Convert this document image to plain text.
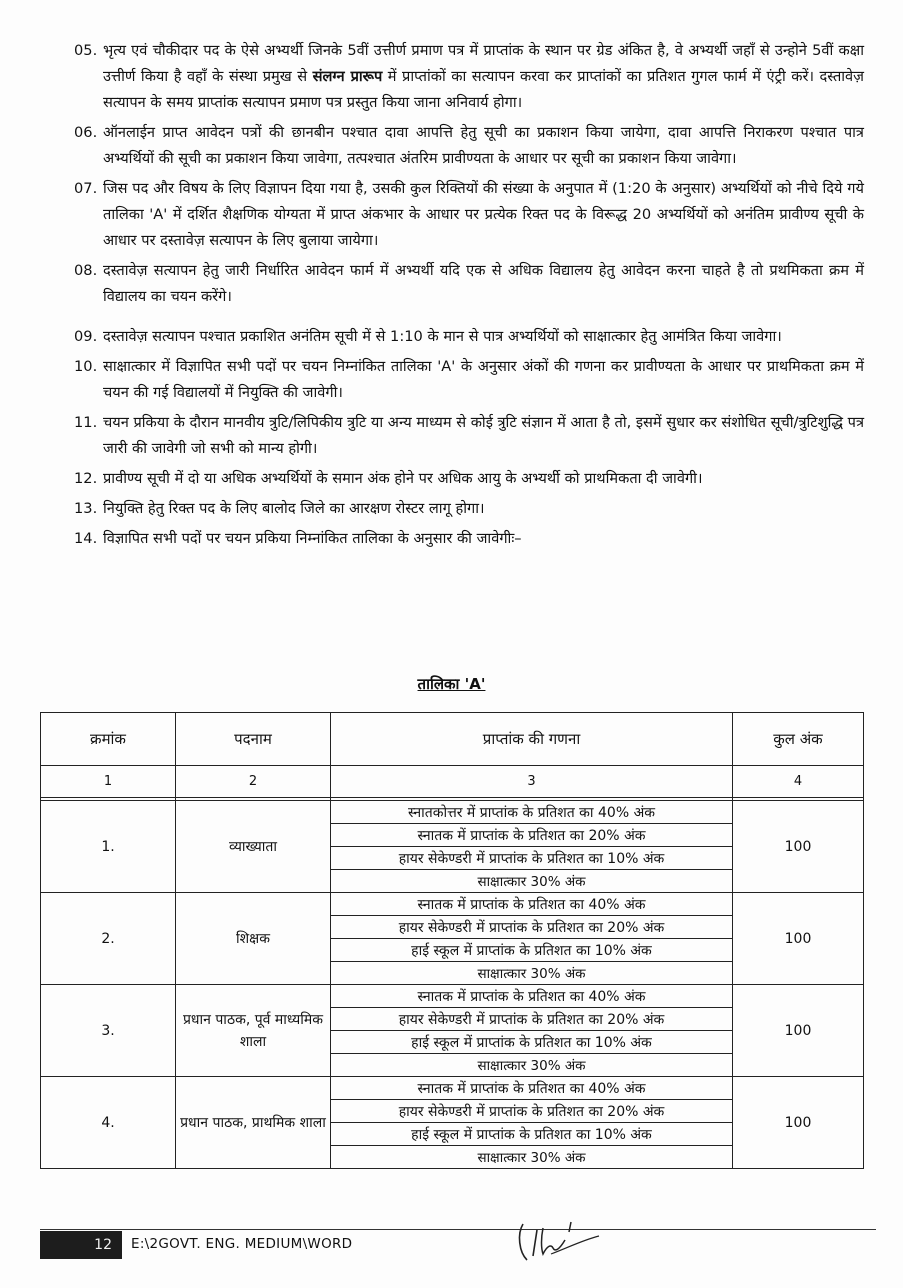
05. भृत्य एवं चौकीदार पद के ऐसे अभ्यर्थी जिनके 5वीं उत्तीर्ण प्रमाण पत्र में प्राप्तांक के स्थान पर ग्रेड अंकित है, वे अभ्यर्थी जहाँ से उन्होने 5वीं कक्षा उत्तीर्ण किया है वहाँ के संस्था प्रमुख से संलग्न प्रारूप में प्राप्तांकों का सत्यापन करवा कर प्राप्तांकों का प्रतिशत गुगल फार्म में एंट्री करें। दस्तावेज़ सत्यापन के समय प्राप्तांक सत्यापन प्रमाण पत्र प्रस्तुत किया जाना अनिवार्य होगा।
06. ऑनलाईन प्राप्त आवेदन पत्रों की छानबीन पश्चात दावा आपत्ति हेतु सूची का प्रकाशन किया जायेगा, दावा आपत्ति निराकरण पश्चात पात्र अभ्यर्थियों की सूची का प्रकाशन किया जावेगा, तत्पश्चात अंतरिम प्रावीण्यता के आधार पर सूची का प्रकाशन किया जावेगा।
07. जिस पद और विषय के लिए विज्ञापन दिया गया है, उसकी कुल रिक्तियों की संख्या के अनुपात में (1:20 के अनुसार) अभ्यर्थियों को नीचे दिये गये तालिका 'A' में दर्शित शैक्षणिक योग्यता में प्राप्त अंकभार के आधार पर प्रत्येक रिक्त पद के विरूद्ध 20 अभ्यर्थियों को अनंतिम प्रावीण्य सूची के आधार पर दस्तावेज़ सत्यापन के लिए बुलाया जायेगा।
08. दस्तावेज़ सत्यापन हेतु जारी निर्धारित आवेदन फार्म में अभ्यर्थी यदि एक से अधिक विद्यालय हेतु आवेदन करना चाहते है तो प्रथमिकता क्रम में विद्यालय का चयन करेंगे।
09. दस्तावेज़ सत्यापन पश्चात प्रकाशित अनंतिम सूची में से 1:10 के मान से पात्र अभ्यर्थियों को साक्षात्कार हेतु आमंत्रित किया जावेगा।
10. साक्षात्कार में विज्ञापित सभी पदों पर चयन निम्नांकित तालिका 'A' के अनुसार अंकों की गणना कर प्रावीण्यता के आधार पर प्राथमिकता क्रम में चयन की गई विद्यालयों में नियुक्ति की जावेगी।
11. चयन प्रकिया के दौरान मानवीय त्रुटि/लिपिकीय त्रुटि या अन्य माध्यम से कोई त्रुटि संज्ञान में आता है तो, इसमें सुधार कर संशोधित सूची/त्रुटिशुद्धि पत्र जारी की जावेगी जो सभी को मान्य होगी।
12. प्रावीण्य सूची में दो या अधिक अभ्यर्थियों के समान अंक होने पर अधिक आयु के अभ्यर्थी को प्राथमिकता दी जावेगी।
13. नियुक्ति हेतु रिक्त पद के लिए बालोद जिले का आरक्षण रोस्टर लागू होगा।
14. विज्ञापित सभी पदों पर चयन प्रकिया निम्नांकित तालिका के अनुसार की जावेगीः–
तालिका 'A'
क्रमांक	पदनाम	प्राप्तांक की गणना	कुल अंक
1	2	3	4

1.	व्याख्याता	स्नातकोत्तर में प्राप्तांक के प्रतिशत का 40% अंक	100
		स्नातक में प्राप्तांक के प्रतिशत का 20% अंक	
		हायर सेकेण्डरी में प्राप्तांक के प्रतिशत का 10% अंक	
		साक्षात्कार 30% अंक	
2.	शिक्षक	स्नातक में प्राप्तांक के प्रतिशत का 40% अंक	100
		हायर सेकेण्डरी में प्राप्तांक के प्रतिशत का 20% अंक	
		हाई स्कूल में प्राप्तांक के प्रतिशत का 10% अंक	
		साक्षात्कार 30% अंक	
3.	प्रधान पाठक, पूर्व माध्यमिक शाला	स्नातक में प्राप्तांक के प्रतिशत का 40% अंक	100
		हायर सेकेण्डरी में प्राप्तांक के प्रतिशत का 20% अंक	
		हाई स्कूल में प्राप्तांक के प्रतिशत का 10% अंक	
		साक्षात्कार 30% अंक	
4.	प्रधान पाठक, प्राथमिक शाला	स्नातक में प्राप्तांक के प्रतिशत का 40% अंक	100
		हायर सेकेण्डरी में प्राप्तांक के प्रतिशत का 20% अंक	
		हाई स्कूल में प्राप्तांक के प्रतिशत का 10% अंक	
		साक्षात्कार 30% अंक	
12	E:\2GOVT. ENG. MEDIUM\WORD
